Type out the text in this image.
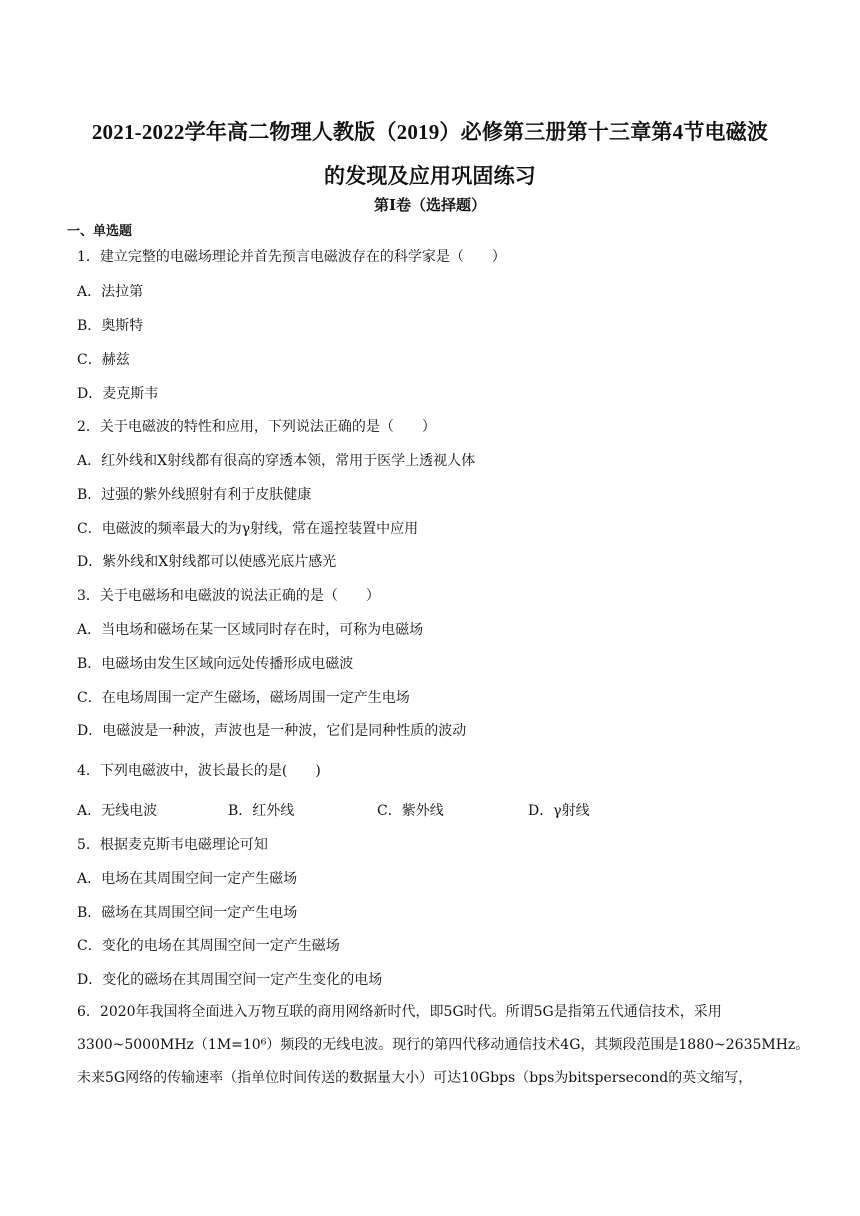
2021-2022学年高二物理人教版（2019）必修第三册第十三章第4节电磁波
的发现及应用巩固练习
第Ⅰ卷（选择题）
一、单选题
1．建立完整的电磁场理论并首先预言电磁波存在的科学家是（　　）
A．法拉第
B．奥斯特
C．赫兹
D．麦克斯韦
2．关于电磁波的特性和应用，下列说法正确的是（　　）
A．红外线和X射线都有很高的穿透本领，常用于医学上透视人体
B．过强的紫外线照射有利于皮肤健康
C．电磁波的频率最大的为γ射线，常在遥控装置中应用
D．紫外线和X射线都可以使感光底片感光
3．关于电磁场和电磁波的说法正确的是（　　）
A．当电场和磁场在某一区域同时存在时，可称为电磁场
B．电磁场由发生区域向远处传播形成电磁波
C．在电场周围一定产生磁场，磁场周围一定产生电场
D．电磁波是一种波，声波也是一种波，它们是同种性质的波动
4．下列电磁波中，波长最长的是(　　)
A．无线电波	B．红外线	C．紫外线	D．γ射线
5．根据麦克斯韦电磁理论可知
A．电场在其周围空间一定产生磁场
B．磁场在其周围空间一定产生电场
C．变化的电场在其周围空间一定产生磁场
D．变化的磁场在其周围空间一定产生变化的电场
6．2020年我国将全面进入万物互联的商用网络新时代，即5G时代。所谓5G是指第五代通信技术，采用
3300~5000MHz（1M=10⁶）频段的无线电波。现行的第四代移动通信技术4G，其频段范围是1880~2635MHz。
未来5G网络的传输速率（指单位时间传送的数据量大小）可达10Gbps（bps为bitspersecond的英文缩写，
